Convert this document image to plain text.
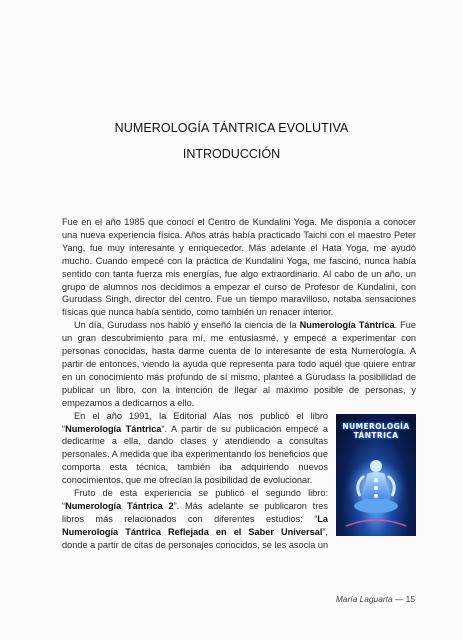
NUMEROLOGÍA TÁNTRICA EVOLUTIVA
INTRODUCCIÓN

Fue en el año 1985 que conocí el Centro de Kundalini Yoga. Me disponía a conocer una nueva experiencia física. Años atrás había practicado Taichi con el maestro Peter Yang, fue muy interesante y enriquecedor. Más adelante el Hata Yoga, me ayudó mucho. Cuando empecé con la práctica de Kundalini Yoga, me fascinó, nunca había sentido con tanta fuerza mis energías, fue algo extraordinario. Al cabo de un año, un grupo de alumnos nos decidimos a empezar el curso de Profesor de Kundalini, con Gurudass Singh, director del centro. Fue un tiempo maravilloso, notaba sensaciones físicas que nunca había sentido, como también un renacer interior.

Un día, Gurudass nos habló y enseñó la ciencia de la Numerología Tántrica. Fue un gran descubrimiento para mí, me entusiasmé, y empecé a experimentar con personas conocidas, hasta darme cuenta de lo interesante de esta Numerología. A partir de entonces, viendo la ayuda que representa para todo aquél que quiere entrar en un conocimiento más profundo de sí mismo, planteé a Gurudass la posibilidad de publicar un libro, con la intención de llegar al máximo posible de personas, y empezamos a dedicarnos a ello.

NUMEROLOGÍA
TÁNTRICA

En el año 1991, la Editorial Alas nos publicó el libro “Numerología Tántrica”. A partir de su publicación empecé a dedicarme a ella, dando clases y atendiendo a consultas personales. A medida que iba experimentando los beneficios que comporta esta técnica, también iba adquiriendo nuevos conocimientos, que me ofrecían la posibilidad de evolucionar.

Fruto de esta experiencia se publicó el segundo libro: “Numerología Tántrica 2”. Más adelante se publicaron tres libros más relacionados con diferentes estudios: “La Numerología Tántrica Reflejada en el Saber Universal”, donde a partir de citas de personajes conocidos, se les asocia un

María Laguarta — 15
